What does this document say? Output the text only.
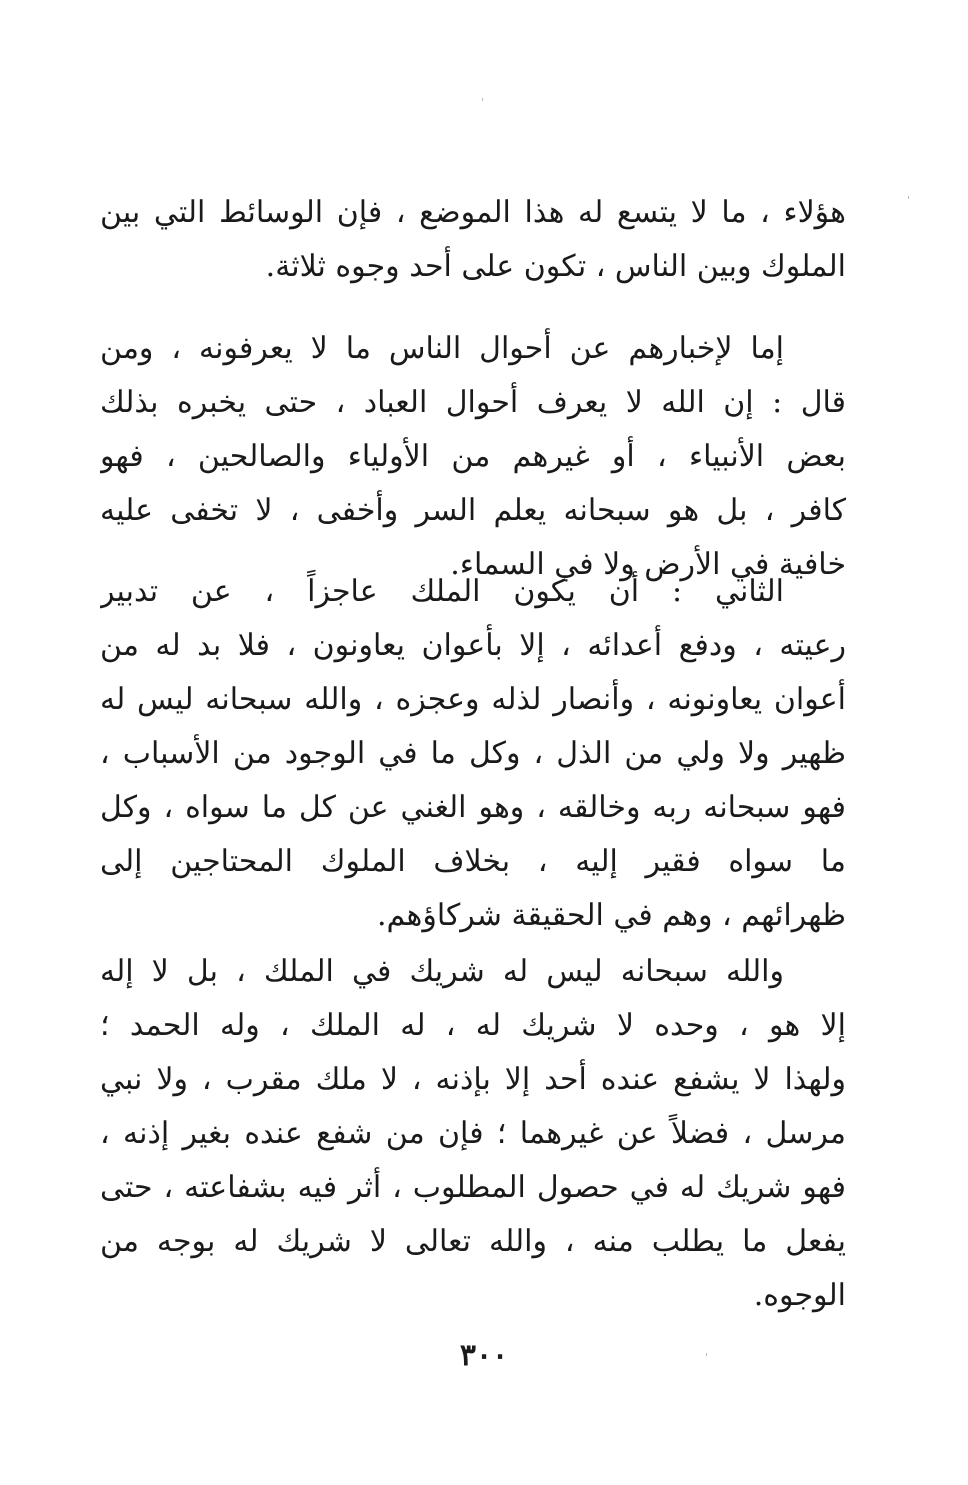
هؤلاء ، ما لا يتسع له هذا الموضع ، فإن الوسائط التي بين
الملوك وبين الناس ، تكون على أحد وجوه ثلاثة.
إما لإخبارهم عن أحوال الناس ما لا يعرفونه ، ومن
قال : إن الله لا يعرف أحوال العباد ، حتى يخبره بذلك
بعض الأنبياء ، أو غيرهم من الأولياء والصالحين ، فهو
كافر ، بل هو سبحانه يعلم السر وأخفى ، لا تخفى عليه
خافية في الأرض ولا في السماء.
الثاني : أن يكون الملك عاجزاً ، عن تدبير
رعيته ، ودفع أعدائه ، إلا بأعوان يعاونون ، فلا بد له من
أعوان يعاونونه ، وأنصار لذله وعجزه ، والله سبحانه ليس له
ظهير ولا ولي من الذل ، وكل ما في الوجود من الأسباب ،
فهو سبحانه ربه وخالقه ، وهو الغني عن كل ما سواه ، وكل
ما سواه فقير إليه ، بخلاف الملوك المحتاجين إلى
ظهرائهم ، وهم في الحقيقة شركاؤهم.
والله سبحانه ليس له شريك في الملك ، بل لا إله
إلا هو ، وحده لا شريك له ، له الملك ، وله الحمد ؛
ولهذا لا يشفع عنده أحد إلا بإذنه ، لا ملك مقرب ، ولا نبي
مرسل ، فضلاً عن غيرهما ؛ فإن من شفع عنده بغير إذنه ،
فهو شريك له في حصول المطلوب ، أثر فيه بشفاعته ، حتى
يفعل ما يطلب منه ، والله تعالى لا شريك له بوجه من
الوجوه.
٣٠٠
